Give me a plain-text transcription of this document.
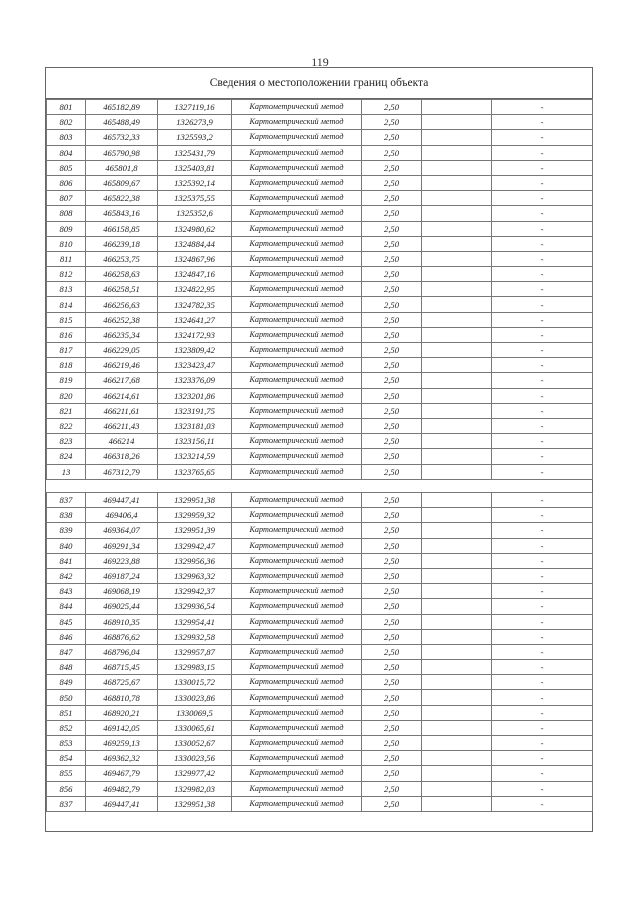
119
Сведения о местоположении границ объекта
801	465182,89	1327119,16	Картометрический метод	2,50		-
802	465488,49	1326273,9	Картометрический метод	2,50		-
803	465732,33	1325593,2	Картометрический метод	2,50		-
804	465790,98	1325431,79	Картометрический метод	2,50		-
805	465801,8	1325403,81	Картометрический метод	2,50		-
806	465809,67	1325392,14	Картометрический метод	2,50		-
807	465822,38	1325375,55	Картометрический метод	2,50		-
808	465843,16	1325352,6	Картометрический метод	2,50		-
809	466158,85	1324980,62	Картометрический метод	2,50		-
810	466239,18	1324884,44	Картометрический метод	2,50		-
811	466253,75	1324867,96	Картометрический метод	2,50		-
812	466258,63	1324847,16	Картометрический метод	2,50		-
813	466258,51	1324822,95	Картометрический метод	2,50		-
814	466256,63	1324782,35	Картометрический метод	2,50		-
815	466252,38	1324641,27	Картометрический метод	2,50		-
816	466235,34	1324172,93	Картометрический метод	2,50		-
817	466229,05	1323809,42	Картометрический метод	2,50		-
818	466219,46	1323423,47	Картометрический метод	2,50		-
819	466217,68	1323376,09	Картометрический метод	2,50		-
820	466214,61	1323201,86	Картометрический метод	2,50		-
821	466211,61	1323191,75	Картометрический метод	2,50		-
822	466211,43	1323181,03	Картометрический метод	2,50		-
823	466214	1323156,11	Картометрический метод	2,50		-
824	466318,26	1323214,59	Картометрический метод	2,50		-
13	467312,79	1323765,65	Картометрический метод	2,50		-
837	469447,41	1329951,38	Картометрический метод	2,50		-
838	469406,4	1329959,32	Картометрический метод	2,50		-
839	469364,07	1329951,39	Картометрический метод	2,50		-
840	469291,34	1329942,47	Картометрический метод	2,50		-
841	469223,88	1329956,36	Картометрический метод	2,50		-
842	469187,24	1329963,32	Картометрический метод	2,50		-
843	469068,19	1329942,37	Картометрический метод	2,50		-
844	469025,44	1329936,54	Картометрический метод	2,50		-
845	468910,35	1329954,41	Картометрический метод	2,50		-
846	468876,62	1329932,58	Картометрический метод	2,50		-
847	468796,04	1329957,87	Картометрический метод	2,50		-
848	468715,45	1329983,15	Картометрический метод	2,50		-
849	468725,67	1330015,72	Картометрический метод	2,50		-
850	468810,78	1330023,86	Картометрический метод	2,50		-
851	468920,21	1330069,5	Картометрический метод	2,50		-
852	469142,05	1330065,61	Картометрический метод	2,50		-
853	469259,13	1330052,67	Картометрический метод	2,50		-
854	469362,32	1330023,56	Картометрический метод	2,50		-
855	469467,79	1329977,42	Картометрический метод	2,50		-
856	469482,79	1329982,03	Картометрический метод	2,50		-
837	469447,41	1329951,38	Картометрический метод	2,50		-
